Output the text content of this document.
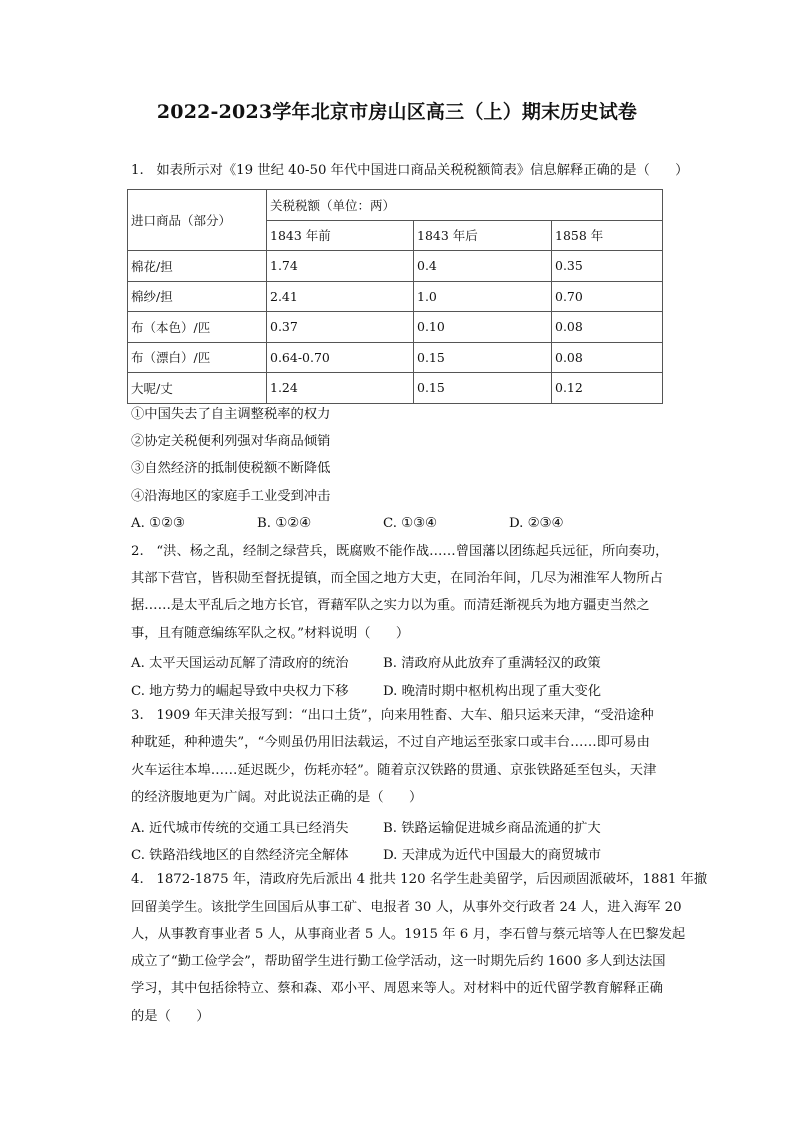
2022-2023学年北京市房山区高三（上）期末历史试卷
1.   如表所示对《19 世纪 40-50 年代中国进口商品关税税额简表》信息解释正确的是（      ）
进口商品（部分）	关税税额（单位：两）		
	1843 年前	1843 年后	1858 年
棉花/担	1.74	0.4	0.35
棉纱/担	2.41	1.0	0.70
布（本色）/匹	0.37	0.10	0.08
布（漂白）/匹	0.64-0.70	0.15	0.08
大呢/丈	1.24	0.15	0.12
①中国失去了自主调整税率的权力
②协定关税便利列强对华商品倾销
③自然经济的抵制使税额不断降低
④沿海地区的家庭手工业受到冲击
A. ①②③	B. ①②④	C. ①③④	D. ②③④
2.   “洪、杨之乱，经制之绿营兵，既腐败不能作战……曾国藩以团练起兵远征，所向奏功，
其部下营官，皆积勋至督抚提镇，而全国之地方大吏，在同治年间，几尽为湘淮军人物所占
据……是太平乱后之地方长官，胥藉军队之实力以为重。而清廷渐视兵为地方疆吏当然之
事，且有随意编练军队之权。”材料说明（      ）
A. 太平天国运动瓦解了清政府的统治	B. 清政府从此放弃了重满轻汉的政策
C. 地方势力的崛起导致中央权力下移	D. 晚清时期中枢机构出现了重大变化
3.   1909 年天津关报写到：“出口土货”，向来用牲畜、大车、船只运来天津，“受沿途种
种耽延，种种遗失”，“今则虽仍用旧法载运，不过自产地运至张家口或丰台……即可易由
火车运往本埠……延迟既少，伤耗亦轻”。随着京汉铁路的贯通、京张铁路延至包头，天津
的经济腹地更为广阔。对此说法正确的是（      ）
A. 近代城市传统的交通工具已经消失	B. 铁路运输促进城乡商品流通的扩大
C. 铁路沿线地区的自然经济完全解体	D. 天津成为近代中国最大的商贸城市
4.   1872-1875 年，清政府先后派出 4 批共 120 名学生赴美留学，后因顽固派破坏，1881 年撤
回留美学生。该批学生回国后从事工矿、电报者 30 人，从事外交行政者 24 人，进入海军 20
人，从事教育事业者 5 人，从事商业者 5 人。1915 年 6 月，李石曾与蔡元培等人在巴黎发起
成立了“勤工俭学会”，帮助留学生进行勤工俭学活动，这一时期先后约 1600 多人到达法国
学习，其中包括徐特立、蔡和森、邓小平、周恩来等人。对材料中的近代留学教育解释正确
的是（      ）
